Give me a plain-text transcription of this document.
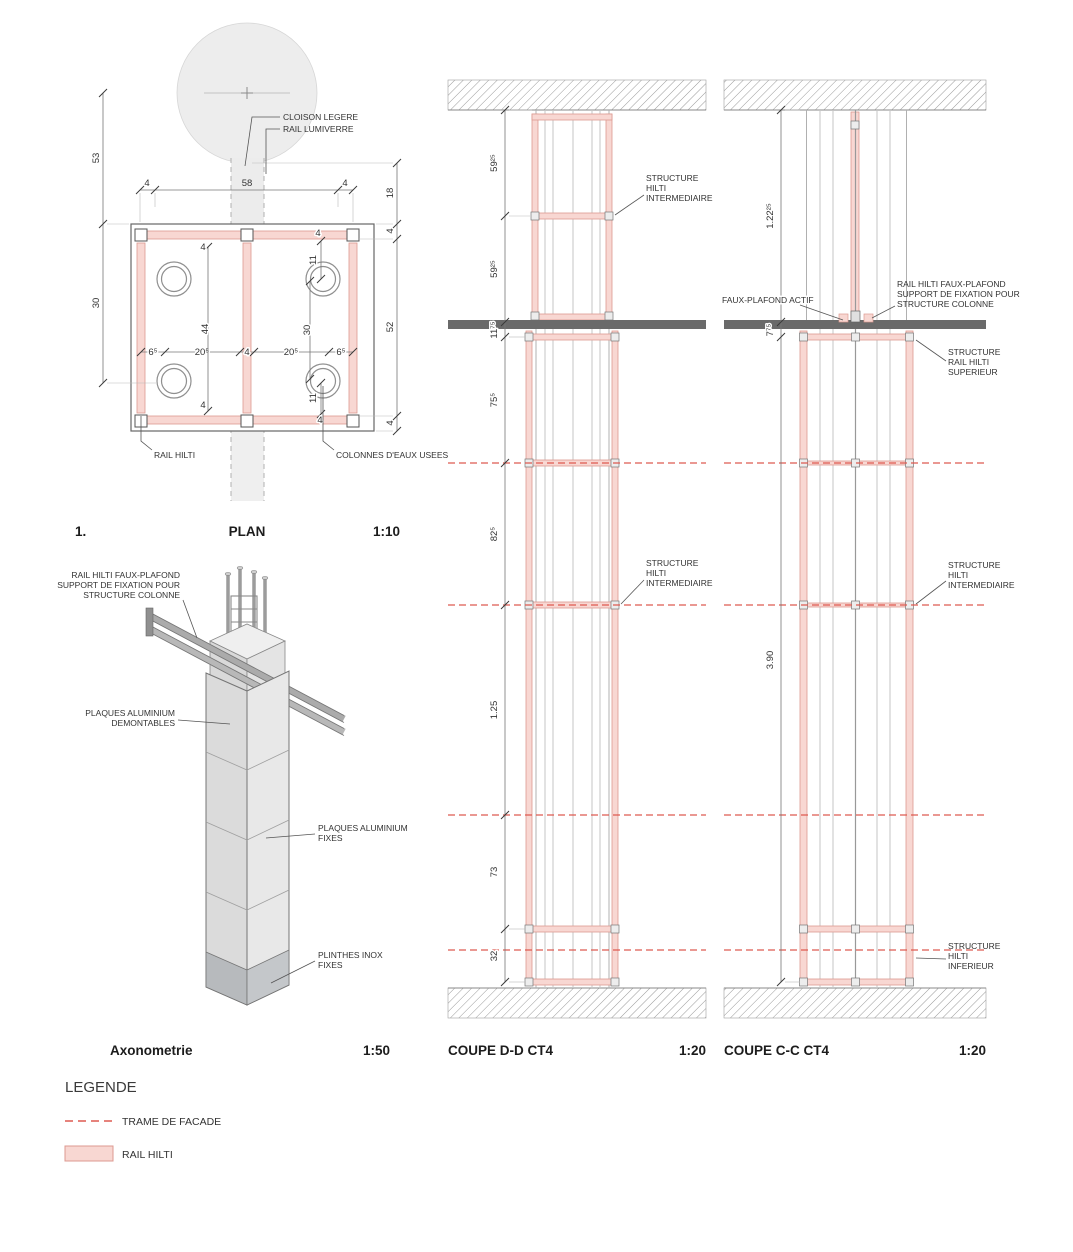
53
30
4	58	4
18
4
52
4
6⁵	20⁵	4	20⁵	6⁵
11
44	30
11
4
4
4
4
CLOISON LEGERE
RAIL LUMIVERRE
RAIL HILTI	COLONNES D'EAUX USEES
1.	PLAN	1:10
RAIL HILTI FAUX-PLAFOND
SUPPORT DE FIXATION POUR
STRUCTURE COLONNE
PLAQUES ALUMINIUM
DEMONTABLES
PLAQUES ALUMINIUM
FIXES
PLINTHES INOX
FIXES
Axonometrie	1:50
59²⁵
59²⁵
11⁷⁵
75⁵
82⁵
1.25
73
32
STRUCTURE
HILTI
INTERMEDIAIRE
STRUCTURE
HILTI
INTERMEDIAIRE
COUPE D-D CT4	1:20
1.22²⁵
7⁷⁵
3.90
FAUX-PLAFOND ACTIF
RAIL HILTI FAUX-PLAFOND
SUPPORT DE FIXATION POUR
STRUCTURE COLONNE
STRUCTURE
RAIL HILTI
SUPERIEUR
STRUCTURE
HILTI
INTERMEDIAIRE
STRUCTURE
HILTI
INFERIEUR
COUPE C-C CT4	1:20
LEGENDE
TRAME DE FACADE
RAIL HILTI
